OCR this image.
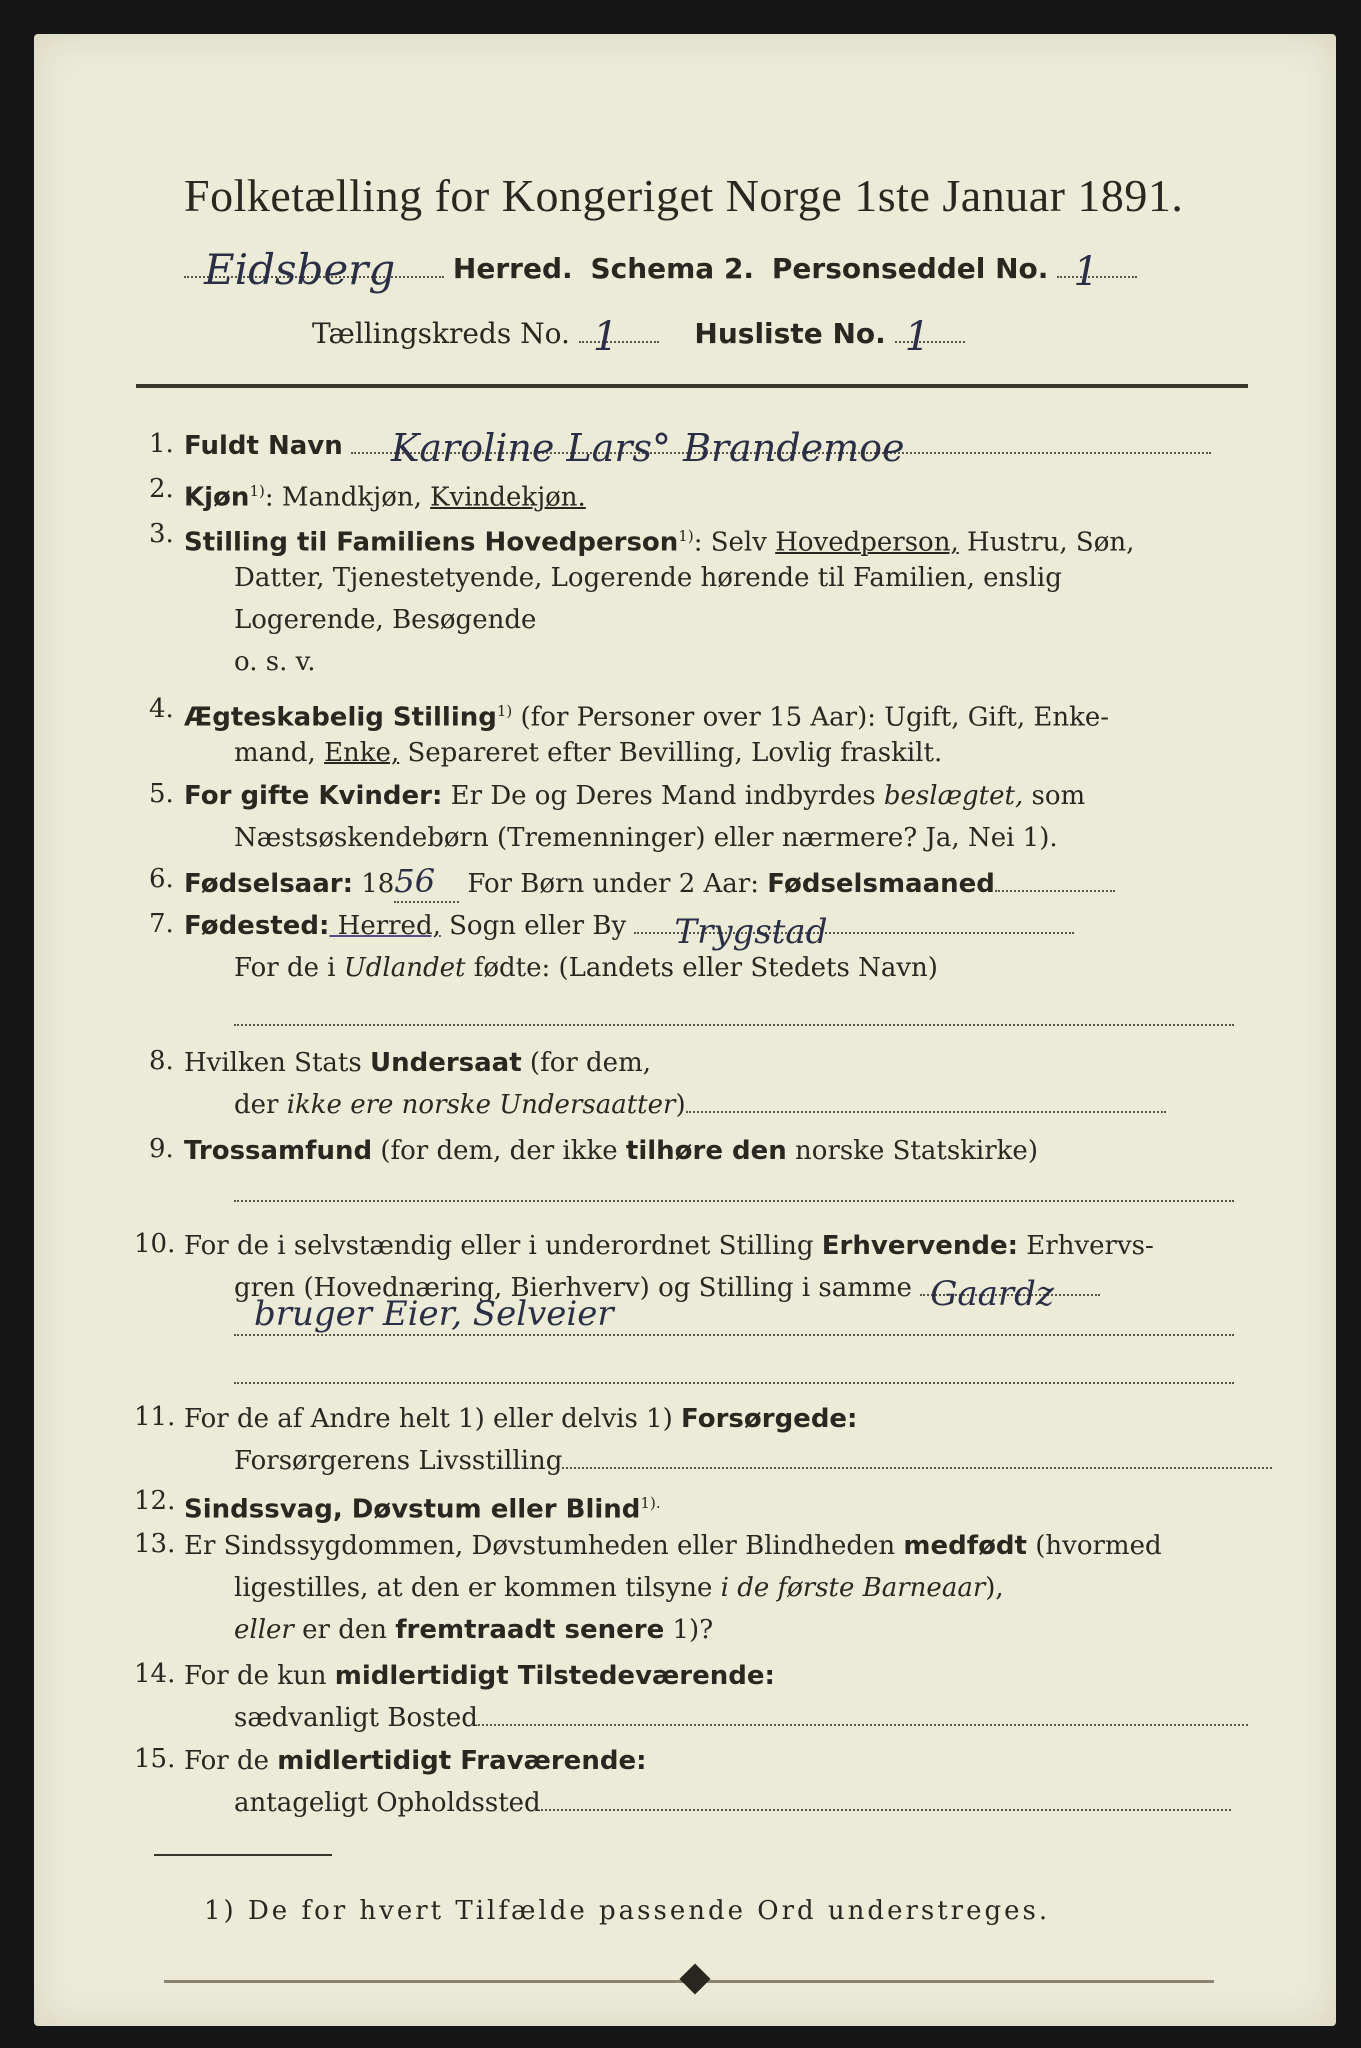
Folketælling for Kongeriget Norge 1ste Januar 1891.
Eidsberg Herred. Schema 2. Personseddel No. 1
Tællingskreds No. 1	Husliste No. 1
1. Fuldt Navn Karoline Lars° Brandemoe
2. Kjøn$^{1)}$: Mandkjøn, Kvindekjøn.
3. Stilling til Familiens Hovedperson$^{1)}$: Selv Hovedperson, Hustru, Søn,
Datter, Tjenestetyende, Logerende hørende til Familien, enslig
Logerende, Besøgende
o. s. v.
4. Ægteskabelig Stilling$^{1)}$ (for Personer over 15 Aar): Ugift, Gift, Enke-
mand, Enke, Separeret efter Bevilling, Lovlig fraskilt.
5. For gifte Kvinder: Er De og Deres Mand indbyrdes beslægtet, som
Næstsøskendebørn (Tremenninger) eller nærmere? Ja, Nei 1).
6. Fødselsaar: 1856 For Børn under 2 Aar: Fødselsmaaned
7. Fødested: Herred, Sogn eller By Trygstad
For de i Udlandet fødte: (Landets eller Stedets Navn)
8. Hvilken Stats Undersaat (for dem,
der ikke ere norske Undersaatter)
9. Trossamfund (for dem, der ikke tilhøre den norske Statskirke)
10. For de i selvstændig eller i underordnet Stilling Erhvervende: Erhvervs-
gren (Hovednæring, Bierhverv) og Stilling i samme Gaardz
bruger Eier, Selveier
11. For de af Andre helt 1) eller delvis 1) Forsørgede:
Forsørgerens Livsstilling
12. Sindssvag, Døvstum eller Blind$^{1).}$
13. Er Sindssygdommen, Døvstumheden eller Blindheden medfødt (hvormed
ligestilles, at den er kommen tilsyne i de første Barneaar),
eller er den fremtraadt senere 1)?
14. For de kun midlertidigt Tilstedeværende:
sædvanligt Bosted
15. For de midlertidigt Fraværende:
antageligt Opholdssted
1) De for hvert Tilfælde passende Ord understreges.
